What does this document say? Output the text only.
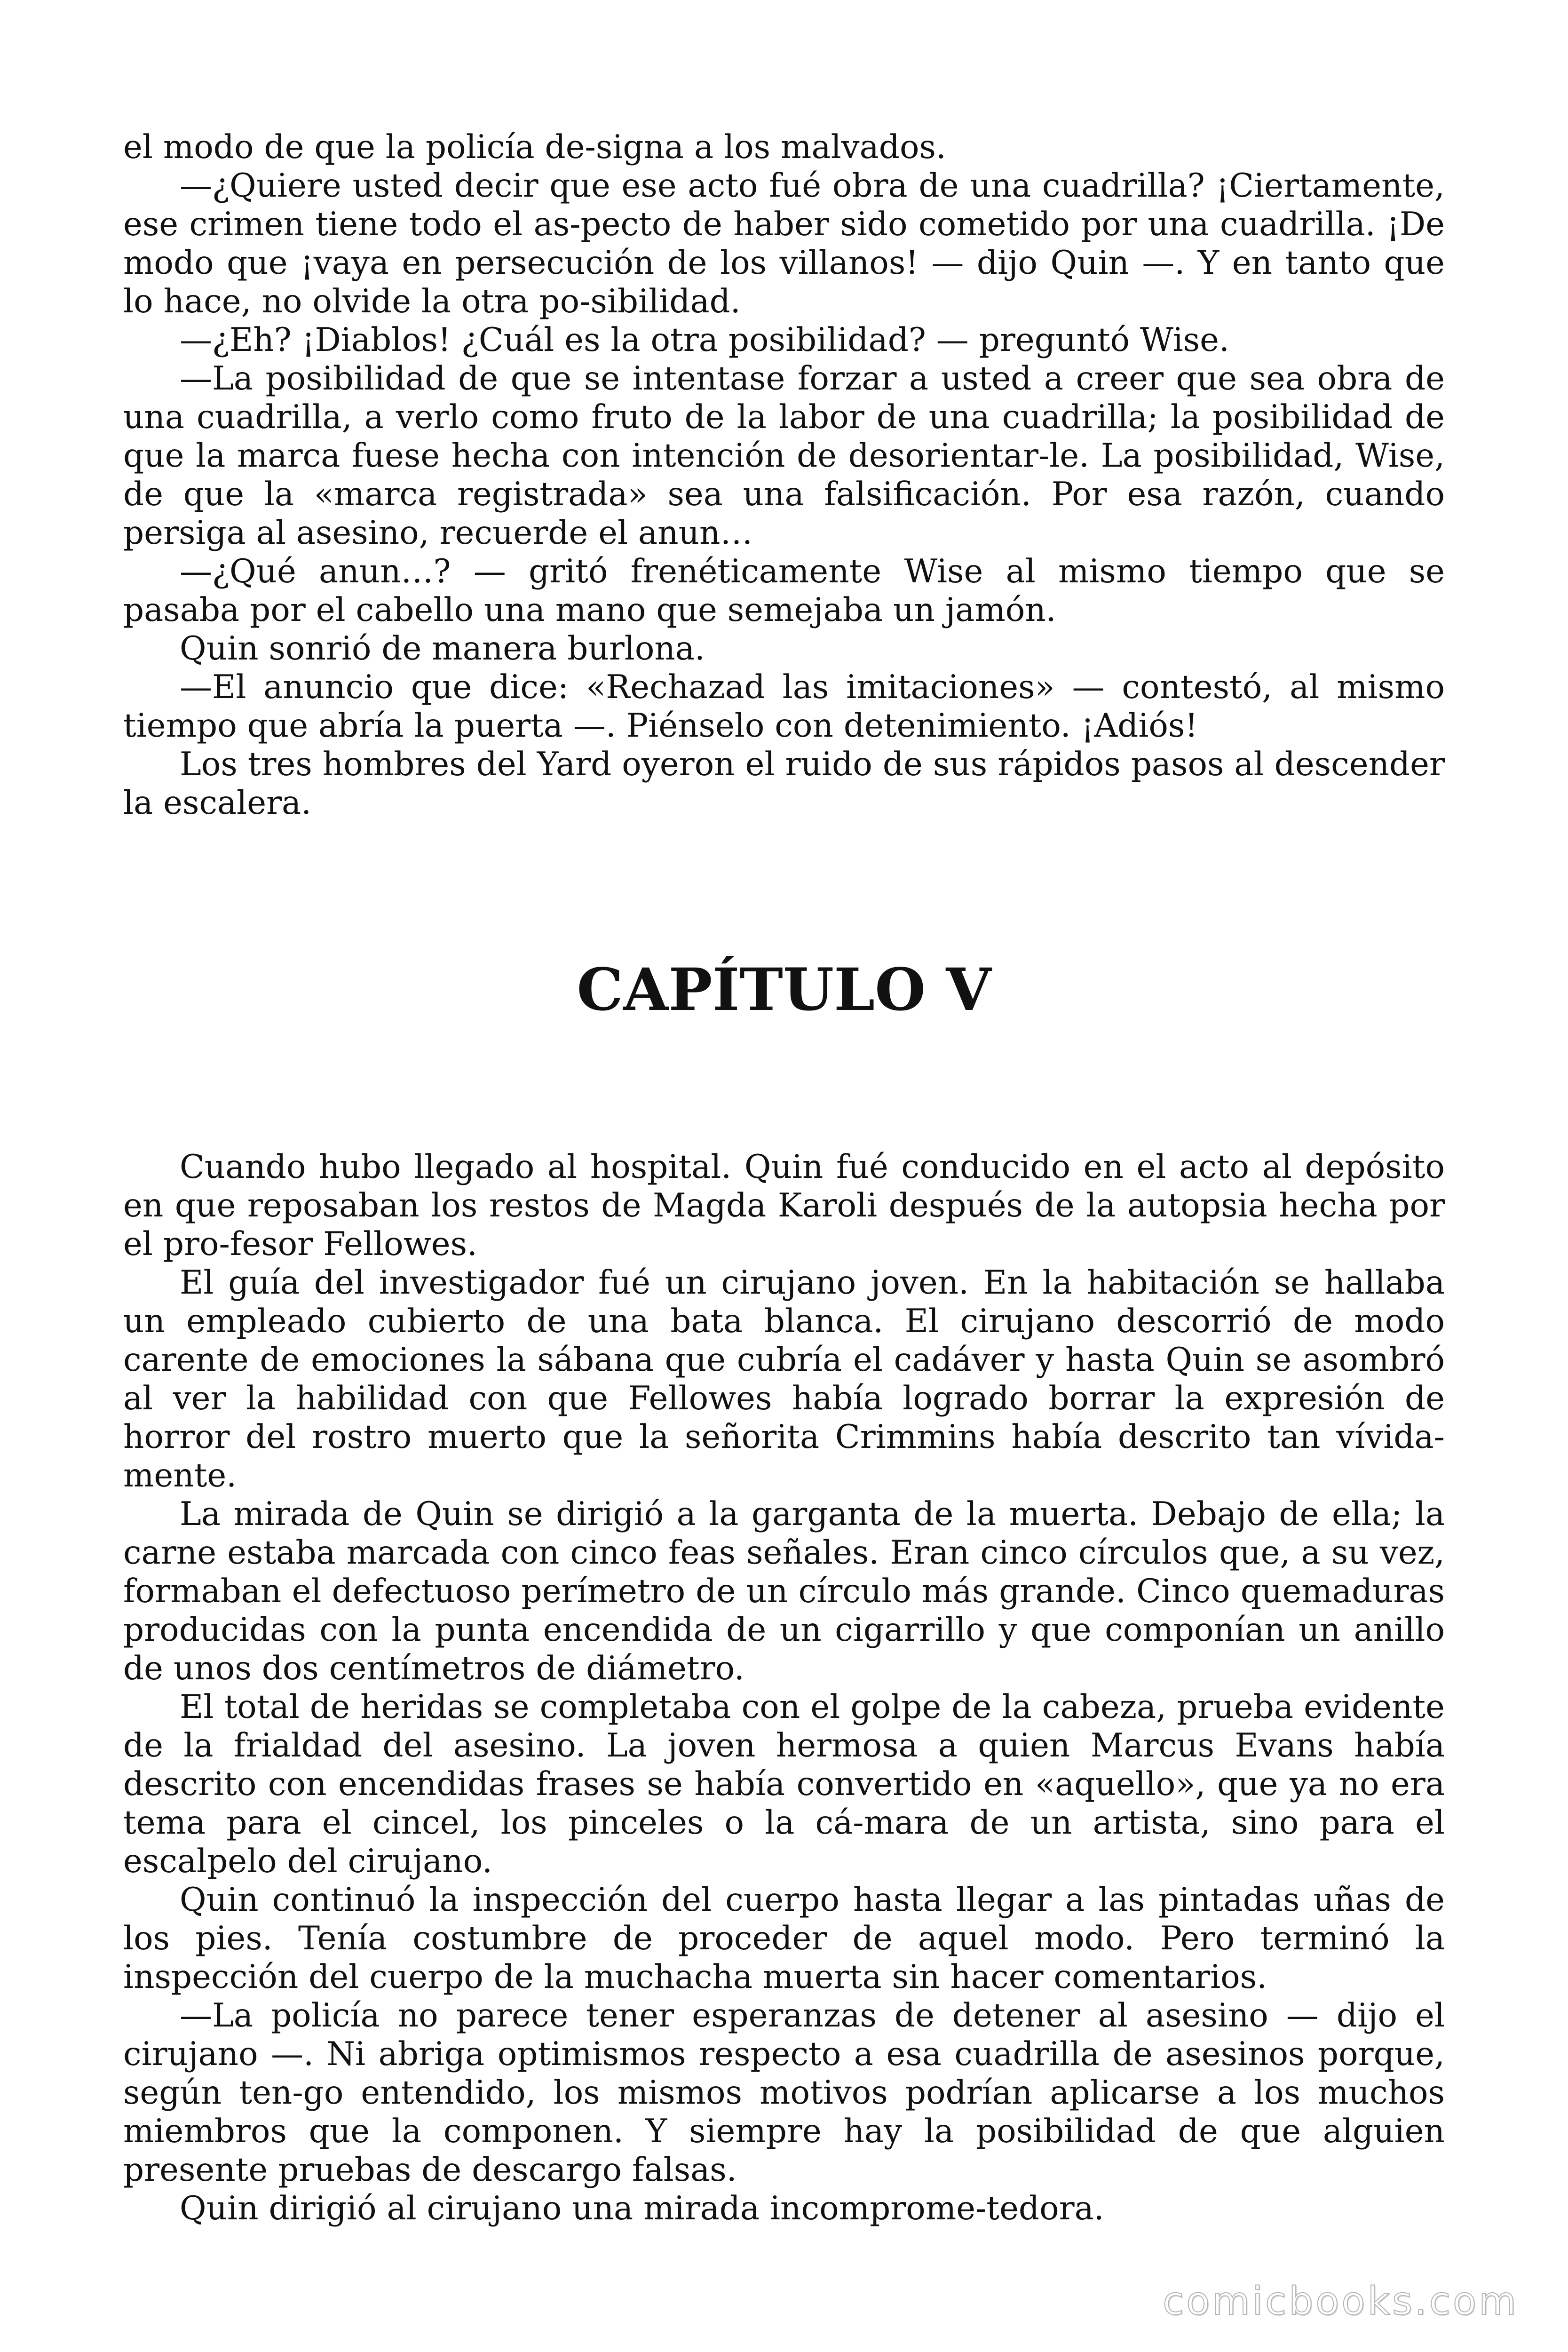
el modo de que la policía de-signa a los malvados.

—¿Quiere usted decir que ese acto fué obra de una cuadrilla? ¡Ciertamente, ese crimen tiene todo el as-pecto de haber sido cometido por una cuadrilla. ¡De modo que ¡vaya en persecución de los villanos! — dijo Quin —. Y en tanto que lo hace, no olvide la otra po-sibilidad.

—¿Eh? ¡Diablos! ¿Cuál es la otra posibilidad? — preguntó Wise.

—La posibilidad de que se intentase forzar a usted a creer que sea obra de una cuadrilla, a verlo como fruto de la labor de una cuadrilla; la posibilidad de que la marca fuese hecha con intención de desorientar-le. La posibilidad, Wise, de que la «marca registrada» sea una falsificación. Por esa razón, cuando persiga al asesino, recuerde el anun…

—¿Qué anun…? — gritó frenéticamente Wise al mismo tiempo que se pasaba por el cabello una mano que semejaba un jamón.

Quin sonrió de manera burlona.

—El anuncio que dice: «Rechazad las imitaciones» — contestó, al mismo tiempo que abría la puerta —. Piénselo con detenimiento. ¡Adiós!

Los tres hombres del Yard oyeron el ruido de sus rápidos pasos al descender la escalera.

CAPÍTULO V

Cuando hubo llegado al hospital. Quin fué conducido en el acto al depósito en que reposaban los restos de Magda Karoli después de la autopsia hecha por el pro-fesor Fellowes.

El guía del investigador fué un cirujano joven. En la habitación se hallaba un empleado cubierto de una bata blanca. El cirujano descorrió de modo carente de emociones la sábana que cubría el cadáver y hasta Quin se asombró al ver la habilidad con que Fellowes había logrado borrar la expresión de horror del rostro muerto que la señorita Crimmins había descrito tan vívida-mente.

La mirada de Quin se dirigió a la garganta de la muerta. Debajo de ella; la carne estaba marcada con cinco feas señales. Eran cinco círculos que, a su vez, formaban el defectuoso perímetro de un círculo más grande. Cinco quemaduras producidas con la punta encendida de un cigarrillo y que componían un anillo de unos dos centímetros de diámetro.

El total de heridas se completaba con el golpe de la cabeza, prueba evidente de la frialdad del asesino. La joven hermosa a quien Marcus Evans había descrito con encendidas frases se había convertido en «aquello», que ya no era tema para el cincel, los pinceles o la cá-mara de un artista, sino para el escalpelo del cirujano.

Quin continuó la inspección del cuerpo hasta llegar a las pintadas uñas de los pies. Tenía costumbre de proceder de aquel modo. Pero terminó la inspección del cuerpo de la muchacha muerta sin hacer comentarios.

—La policía no parece tener esperanzas de detener al asesino — dijo el cirujano —. Ni abriga optimismos respecto a esa cuadrilla de asesinos porque, según ten-go entendido, los mismos motivos podrían aplicarse a los muchos miembros que la componen. Y siempre hay la posibilidad de que alguien presente pruebas de descargo falsas.

Quin dirigió al cirujano una mirada incomprome-tedora.

comicbooks.com
